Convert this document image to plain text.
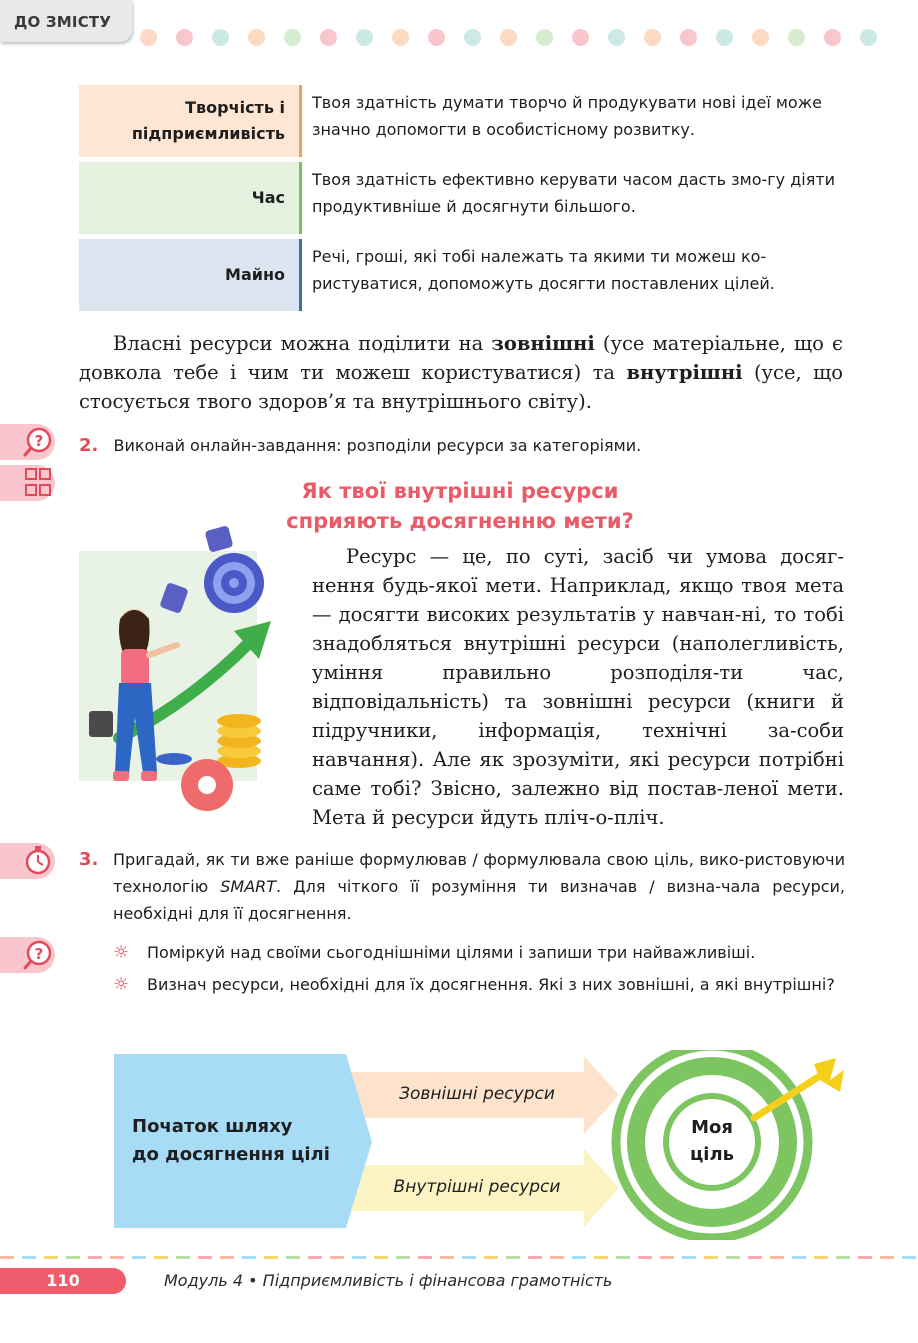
ДО ЗМІСТУ
Творчість і підприємливість
Твоя здатність думати творчо й продукувати нові ідеї може значно допомогти в особистісному розвитку.
Час
Твоя здатність ефективно керувати часом дасть змо-гу діяти продуктивніше й досягнути більшого.
Майно
Речі, гроші, які тобі належать та якими ти можеш ко-ристуватися, допоможуть досягти поставлених цілей.
Власні ресурси можна поділити на зовнішні (усе матеріальне, що є довкола тебе і чим ти можеш користуватися) та внутрішні (усе, що стосується твого здоров’я та внутрішнього світу).
? 2. Виконай онлайн-завдання: розподіли ресурси за категоріями.
Як твої внутрішні ресурси
сприяють досягненню мети?
Ресурс — це, по суті, засіб чи умова досяг-нення будь-якої мети. Наприклад, якщо твоя мета — досягти високих результатів у навчан-ні, то тобі знадобляться внутрішні ресурси (наполегливість, уміння правильно розподіля-ти час, відповідальність) та зовнішні ресурси (книги й підручники, інформація, технічні за-соби навчання). Але як зрозуміти, які ресурси потрібні саме тобі? Звісно, залежно від постав-леної мети. Мета й ресурси йдуть пліч-о-пліч.
3. Пригадай, як ти вже раніше формулював / формулювала свою ціль, вико-ристовуючи технологію SMART. Для чіткого її розуміння ти визначав / визна-чала ресурси, необхідні для її досягнення.
?	☼	Поміркуй над своїми сьогоднішніми цілями і запиши три найважливіші.
☼	Визнач ресурси, необхідні для їх досягнення. Які з них зовнішні, а які внутрішні?
Початок шляху
до досягнення цілі
Зовнішні ресурси
Внутрішні ресурси
Моя
ціль
110	Модуль 4 • Підприємливість і фінансова грамотність
